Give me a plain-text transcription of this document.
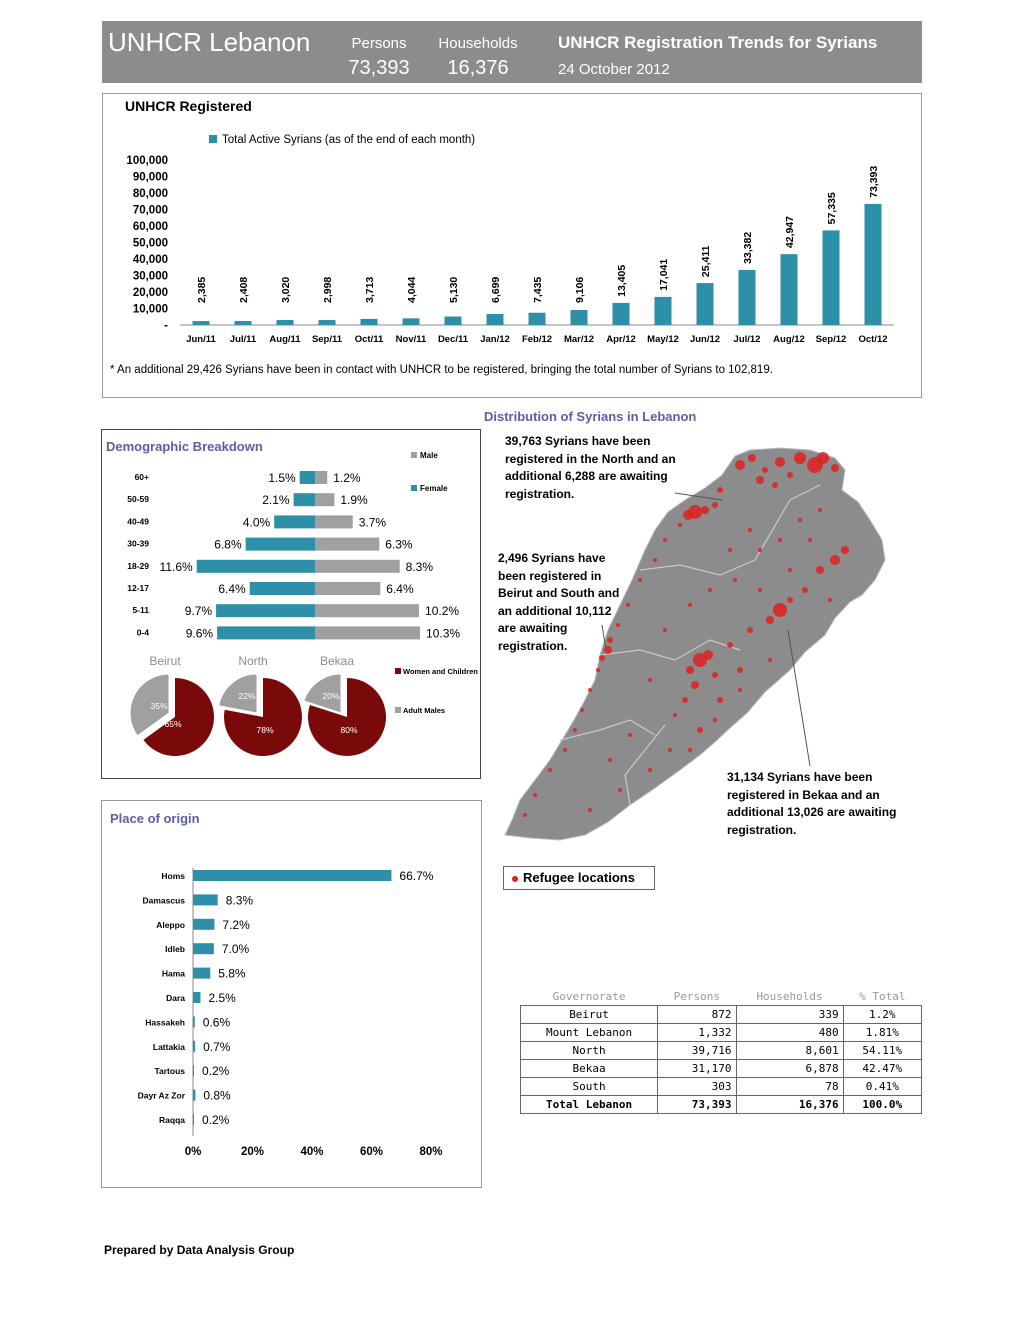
UNHCR Lebanon	Persons
73,393
Households
16,376
UNHCR Registration Trends for Syrians
24 October 2012
UNHCR Registered
Total Active Syrians (as of the end of each month)
100,000
90,000
80,000
70,000
60,000
50,000
40,000
30,000
20,000
10,000
-
Jun/11
2,385
Jul/11
2,408
Aug/11
3,020
Sep/11
2,998
Oct/11
3,713
Nov/11
4,044
Dec/11
5,130
Jan/12
6,699
Feb/12
7,435
Mar/12
9,106
Apr/12
13,405
May/12
17,041
Jun/12
25,411
Jul/12
33,382
Aug/12
42,947
Sep/12
57,335
Oct/12
73,393
* An additional 29,426 Syrians have been in contact with UNHCR to be registered, bringing the total number of Syrians to 102,819.
Distribution of Syrians in Lebanon
Demographic Breakdown
Male
Female
60+	1.5%	1.2%
50-59	2.1%	1.9%
40-49	4.0%	3.7%
30-39	6.8%	6.3%
18-29 11.6%	8.3%
12-17	6.4%	6.4%
5-11	9.7%	10.2%
0-4	9.6%	10.3%
Beirut
65%
35%
North
78%
22%
Bekaa
80%
20%
Women and Children
Adult Males
Place of origin
Homs	66.7%
Damascus	8.3%
Aleppo	7.2%
Idleb	7.0%
Hama	5.8%
Dara 2.5%
Hassakeh 0.6%
Lattakia 0.7%
Tartous 0.2%
Dayr Az Zor 0.8%
Raqqa 0.2%
0%	20%	40%	60%	80%
39,763 Syrians have been registered in the North and an additional 6,288 are awaiting registration.
2,496 Syrians have been registered in Beirut and South and an additional 10,112 are awaiting registration.
31,134 Syrians have been registered in Bekaa and an additional 13,026 are awaiting registration.
Refugee locations
Governorate	Persons	Households	% Total
Beirut	872	339	1.2%
Mount Lebanon	1,332	480	1.81%
North	39,716	8,601	54.11%
Bekaa	31,170	6,878	42.47%
South	303	78	0.41%
Total Lebanon	73,393	16,376	100.0%
Prepared by Data Analysis Group
